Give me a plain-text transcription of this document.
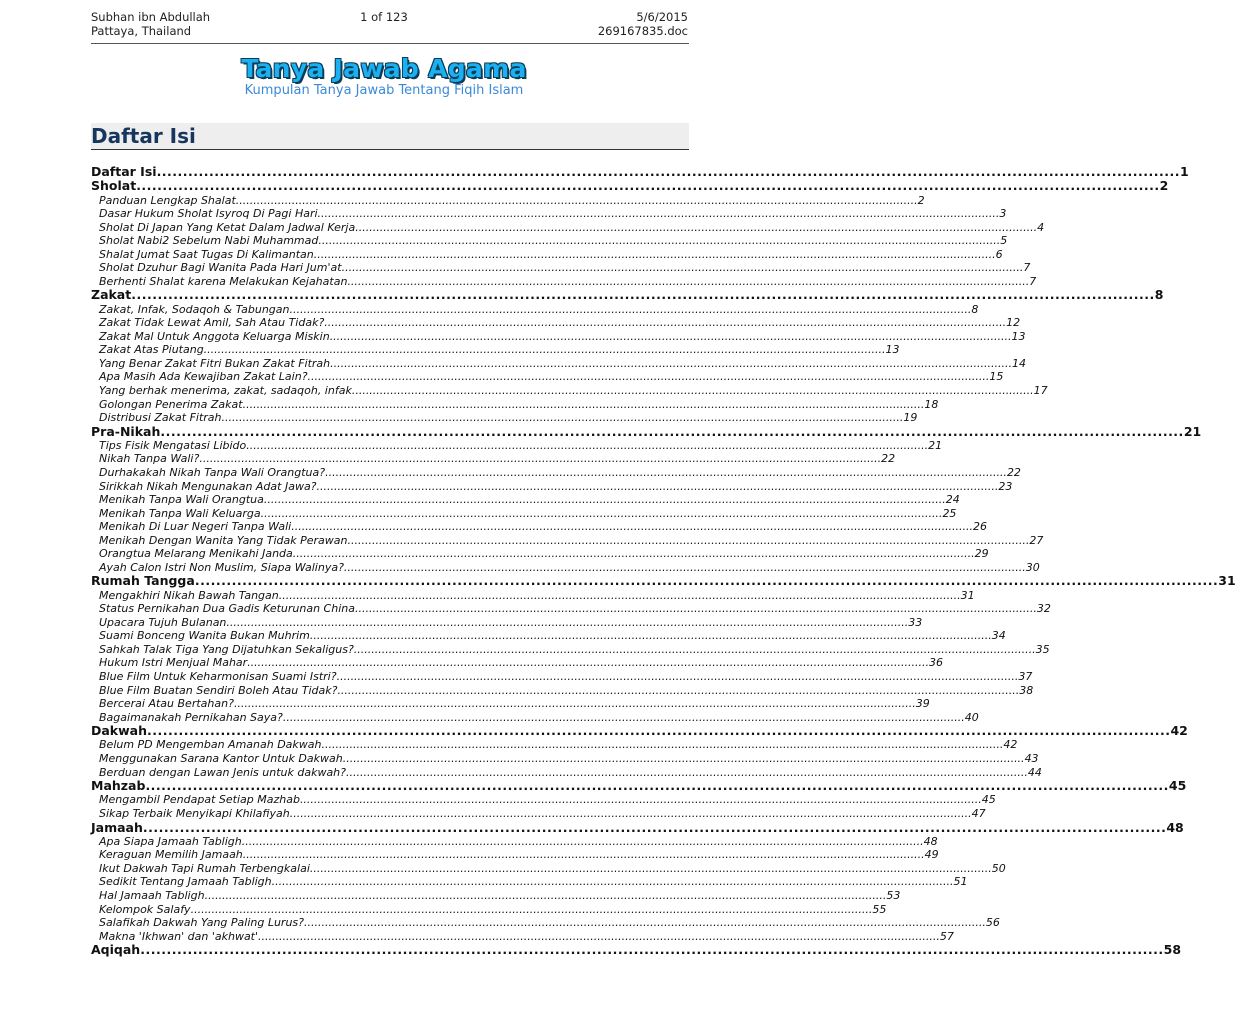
Subhan ibn Abdullah
Pattaya, Thailand
1 of 123	5/6/2015
269167835.doc
Tanya Jawab Agama
Kumpulan Tanya Jawab Tentang Fiqih Islam
Daftar Isi
Daftar Isi .....	1
Sholat .....	2
Panduan Lengkap Shalat .....	2
Dasar Hukum Sholat Isyroq Di Pagi Hari .....	3
Sholat Di Japan Yang Ketat Dalam Jadwal Kerja .....	4
Sholat Nabi2 Sebelum Nabi Muhammad .....	5
Shalat Jumat Saat Tugas Di Kalimantan .....	6
Sholat Dzuhur Bagi Wanita Pada Hari Jum'at .....	7
Berhenti Shalat karena Melakukan Kejahatan .....	7
Zakat .....	8
Zakat, Infak, Sodaqoh & Tabungan .....	8
Zakat Tidak Lewat Amil, Sah Atau Tidak? .....	12
Zakat Mal Untuk Anggota Keluarga Miskin .....	13
Zakat Atas Piutang .....	13
Yang Benar Zakat Fitri Bukan Zakat Fitrah .....	14
Apa Masih Ada Kewajiban Zakat Lain? .....	15
Yang berhak menerima, zakat, sadaqoh, infak .....	17
Golongan Penerima Zakat .....	18
Distribusi Zakat Fitrah .....	19
Pra-Nikah .....	21
Tips Fisik Mengatasi Libido .....	21
Nikah Tanpa Wali? .....	22
Durhakakah Nikah Tanpa Wali Orangtua? .....	22
Sirikkah Nikah Mengunakan Adat Jawa? .....	23
Menikah Tanpa Wali Orangtua .....	24
Menikah Tanpa Wali Keluarga .....	25
Menikah Di Luar Negeri Tanpa Wali .....	26
Menikah Dengan Wanita Yang Tidak Perawan .....	27
Orangtua Melarang Menikahi Janda .....	29
Ayah Calon Istri Non Muslim, Siapa Walinya? .....	30
Rumah Tangga .....	31
Mengakhiri Nikah Bawah Tangan .....	31
Status Pernikahan Dua Gadis Keturunan China .....	32
Upacara Tujuh Bulanan .....	33
Suami Bonceng Wanita Bukan Muhrim .....	34
Sahkah Talak Tiga Yang Dijatuhkan Sekaligus? .....	35
Hukum Istri Menjual Mahar .....	36
Blue Film Untuk Keharmonisan Suami Istri? .....	37
Blue Film Buatan Sendiri Boleh Atau Tidak? .....	38
Bercerai Atau Bertahan? .....	39
Bagaimanakah Pernikahan Saya? .....	40
Dakwah .....	42
Belum PD Mengemban Amanah Dakwah .....	42
Menggunakan Sarana Kantor Untuk Dakwah .....	43
Berduan dengan Lawan Jenis untuk dakwah? .....	44
Mahzab .....	45
Mengambil Pendapat Setiap Mazhab .....	45
Sikap Terbaik Menyikapi Khilafiyah .....	47
Jamaah .....	48
Apa Siapa Jamaah Tabligh .....	48
Keraguan Memilih Jamaah .....	49
Ikut Dakwah Tapi Rumah Terbengkalai .....	50
Sedikit Tentang Jamaah Tabligh .....	51
Hal Jamaah Tabligh .....	53
Kelompok Salafy .....	55
Salafikah Dakwah Yang Paling Lurus? .....	56
Makna 'Ikhwan' dan 'akhwat' .....	57
Aqiqah .....	58
